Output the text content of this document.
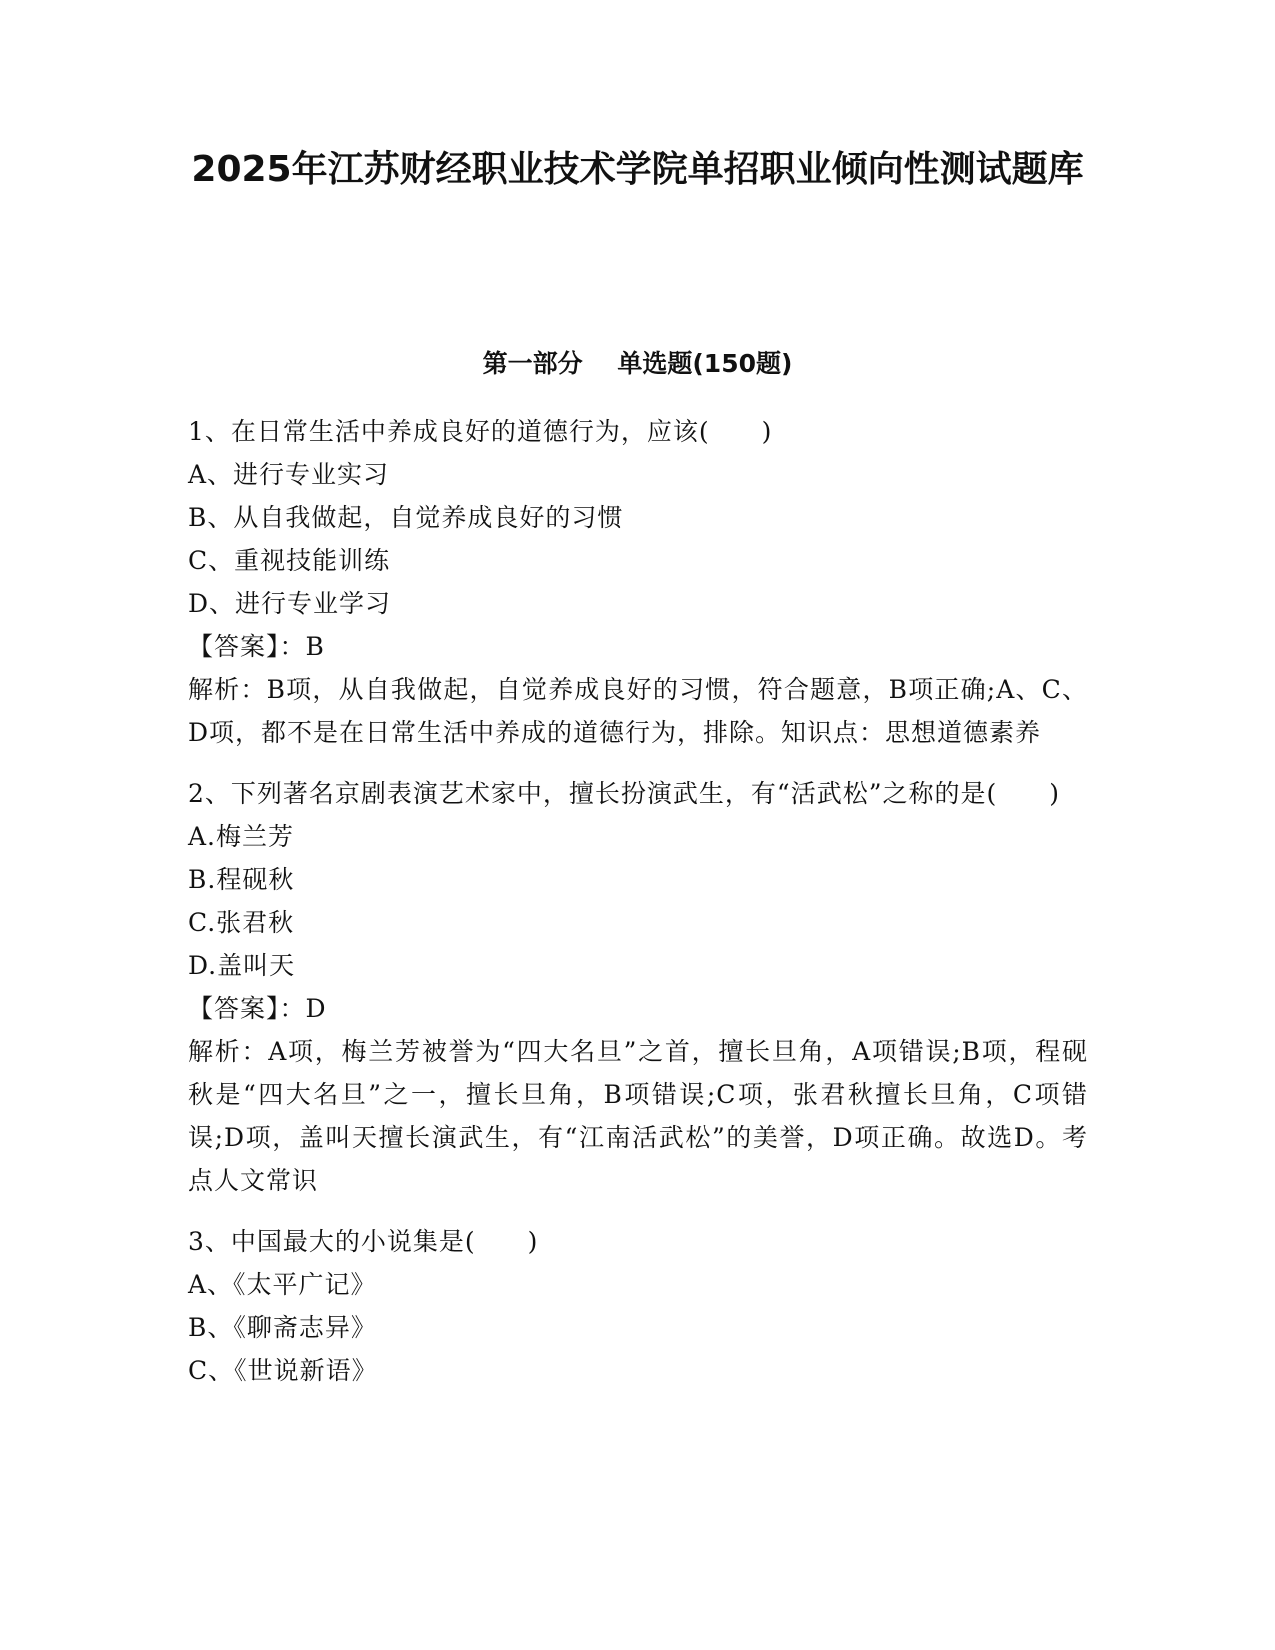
2025年江苏财经职业技术学院单招职业倾向性测试题库
第一部分    单选题(150题)

1、在日常生活中养成良好的道德行为，应该(　　)

A、进行专业实习

B、从自我做起，自觉养成良好的习惯

C、重视技能训练

D、进行专业学习

【答案】：B

解析：B项，从自我做起，自觉养成良好的习惯，符合题意，B项正确;A、C、D项，都不是在日常生活中养成的道德行为，排除。知识点：思想道德素养

2、下列著名京剧表演艺术家中，擅长扮演武生，有“活武松”之称的是(　　)

A.梅兰芳

B.程砚秋

C.张君秋

D.盖叫天

【答案】：D

解析：A项，梅兰芳被誉为“四大名旦”之首，擅长旦角，A项错误;B项，程砚秋是“四大名旦”之一，擅长旦角，B项错误;C项，张君秋擅长旦角，C项错误;D项，盖叫天擅长演武生，有“江南活武松”的美誉，D项正确。故选D。考点人文常识

3、中国最大的小说集是(　　)

A、《太平广记》

B、《聊斋志异》

C、《世说新语》
